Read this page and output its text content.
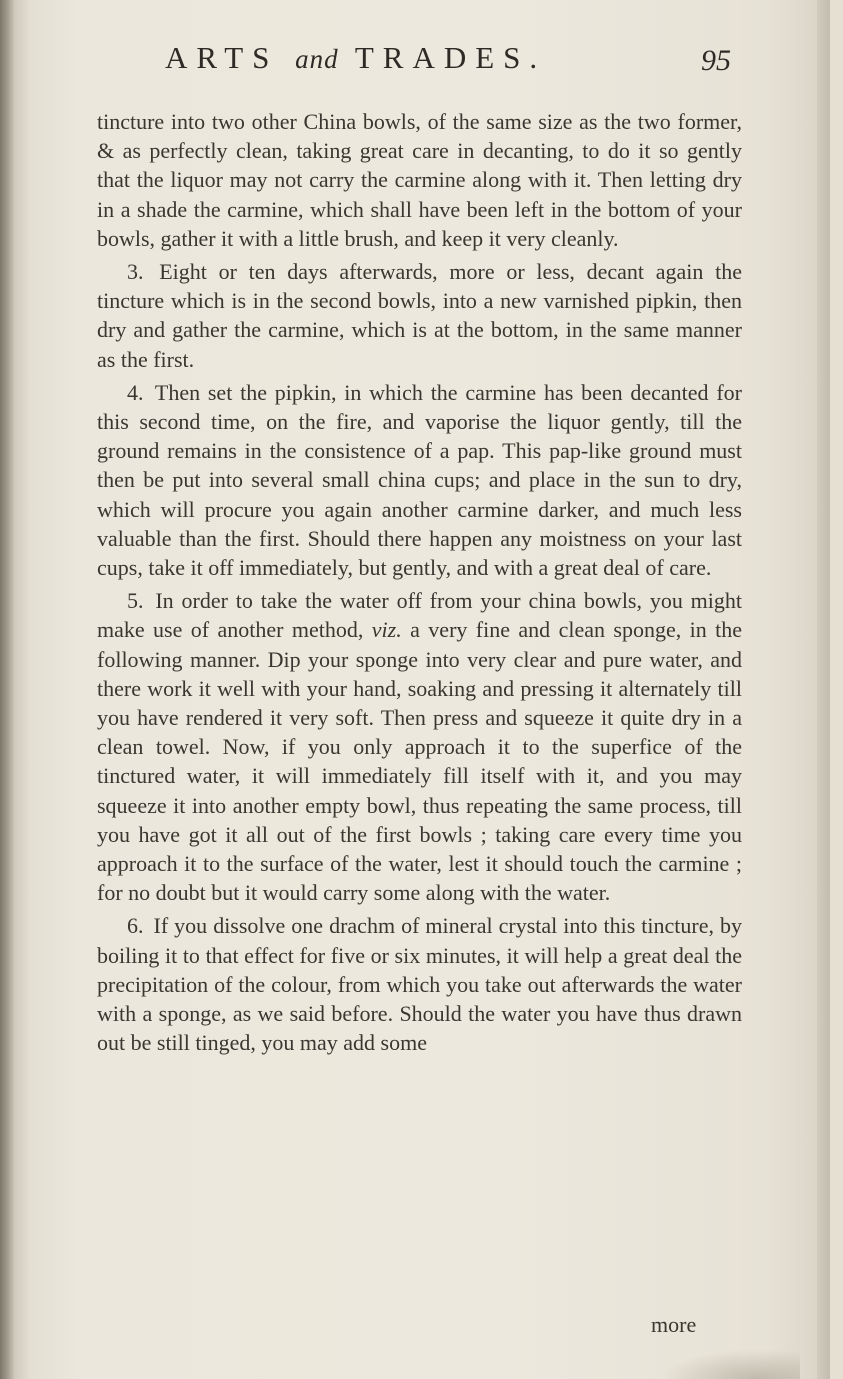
ARTS and TRADES.	95

tincture into two other China bowls, of the same size as the two former, & as perfectly clean, taking great care in decanting, to do it so gently that the liquor may not carry the carmine along with it. Then letting dry in a shade the carmine, which shall have been left in the bottom of your bowls, gather it with a little brush, and keep it very cleanly.

3. Eight or ten days afterwards, more or less, decant again the tincture which is in the second bowls, into a new varnished pipkin, then dry and gather the carmine, which is at the bottom, in the same manner as the first.

4. Then set the pipkin, in which the carmine has been decanted for this second time, on the fire, and vaporise the liquor gently, till the ground remains in the consistence of a pap. This pap-like ground must then be put into several small china cups; and place in the sun to dry, which will procure you again another carmine darker, and much less valuable than the first. Should there happen any moistness on your last cups, take it off immediately, but gently, and with a great deal of care.

5. In order to take the water off from your china bowls, you might make use of another method, viz. a very fine and clean sponge, in the following manner. Dip your sponge into very clear and pure water, and there work it well with your hand, soaking and pressing it alternately till you have rendered it very soft. Then press and squeeze it quite dry in a clean towel. Now, if you only approach it to the superfice of the tinctured water, it will immediately fill itself with it, and you may squeeze it into another empty bowl, thus repeating the same process, till you have got it all out of the first bowls ; taking care every time you approach it to the surface of the water, lest it should touch the carmine ; for no doubt but it would carry some along with the water.

6. If you dissolve one drachm of mineral crystal into this tincture, by boiling it to that effect for five or six minutes, it will help a great deal the precipitation of the colour, from which you take out afterwards the water with a sponge, as we said before. Should the water you have thus drawn out be still tinged, you may add some

more
